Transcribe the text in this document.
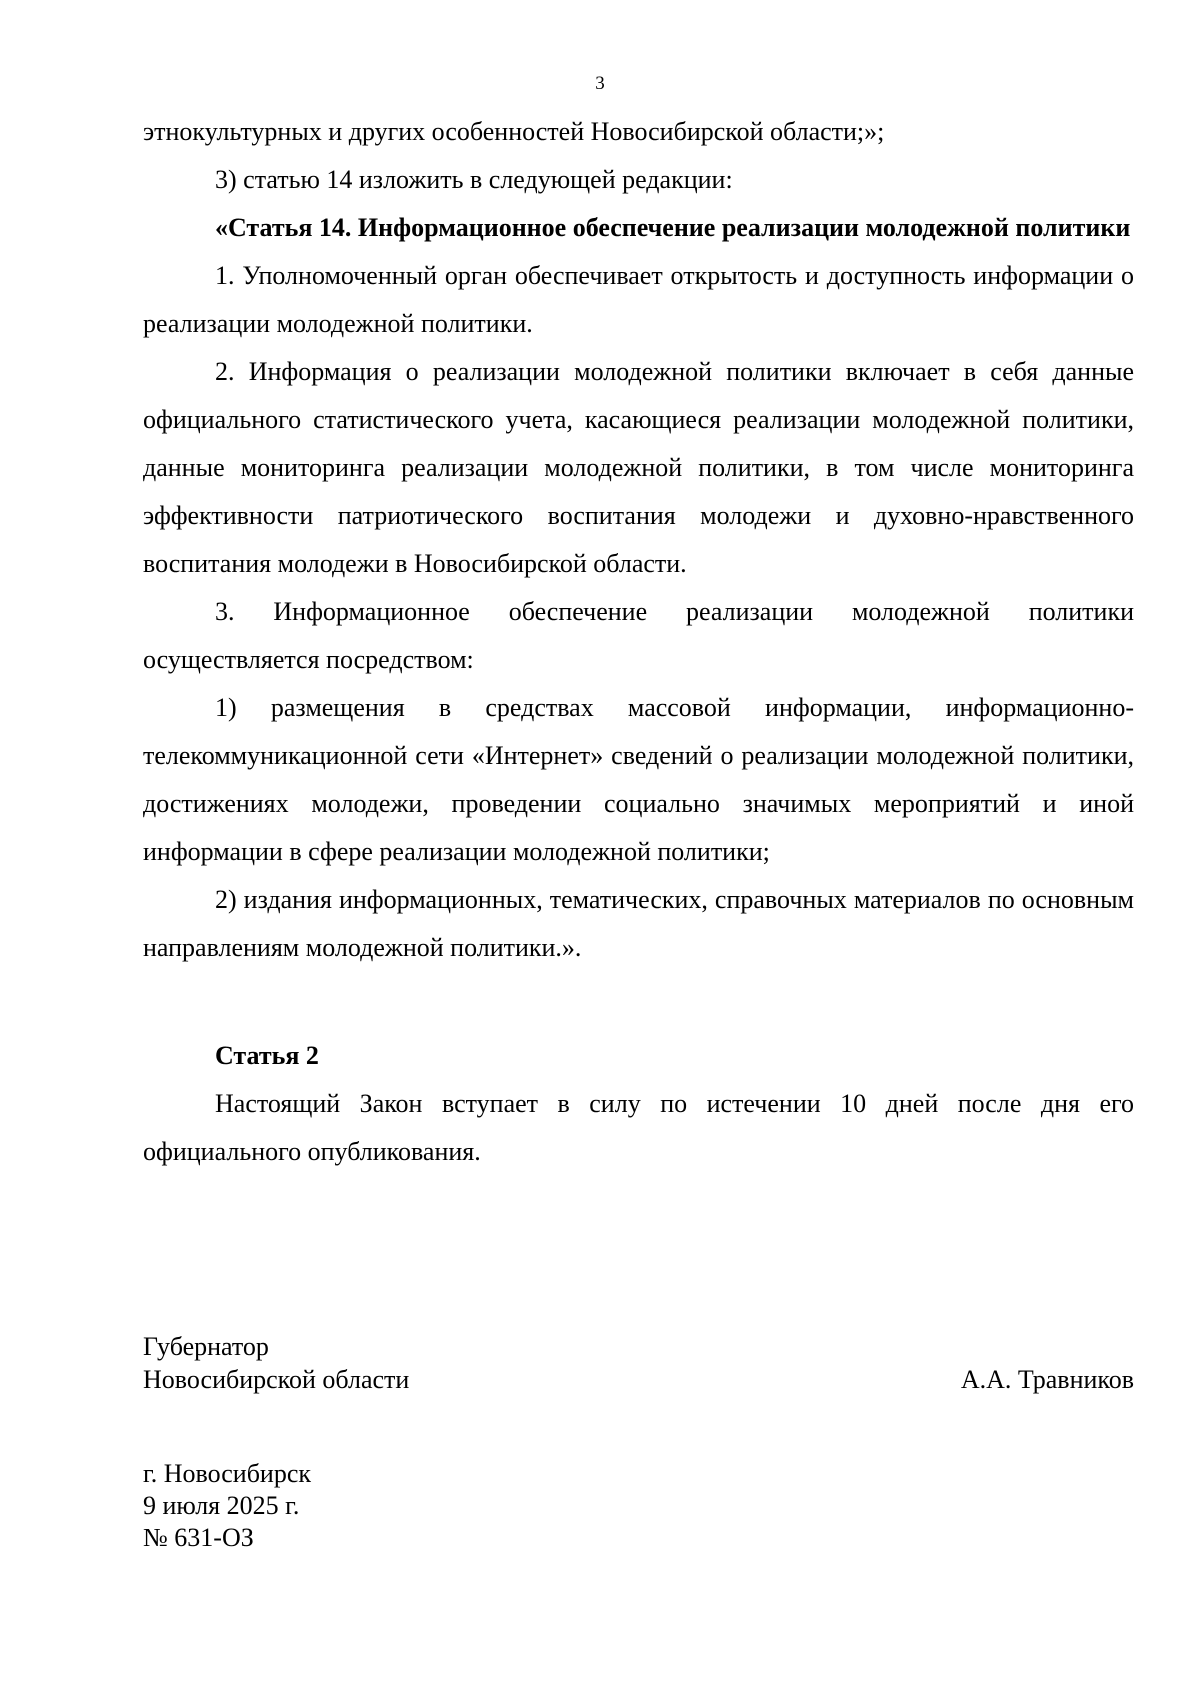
3

этнокультурных и других особенностей Новосибирской области;»;

3) статью 14 изложить в следующей редакции:

«Статья 14. Информационное обеспечение реализации молодежной политики

1. Уполномоченный орган обеспечивает открытость и доступность информации о реализации молодежной политики.

2. Информация о реализации молодежной политики включает в себя данные официального статистического учета, касающиеся реализации молодежной политики, данные мониторинга реализации молодежной политики, в том числе мониторинга эффективности патриотического воспитания молодежи и духовно-нравственного воспитания молодежи в Новосибирской области.

3. Информационное обеспечение реализации молодежной политики осуществляется посредством:

1) размещения в средствах массовой информации, информационно-телекоммуникационной сети «Интернет» сведений о реализации молодежной политики, достижениях молодежи, проведении социально значимых мероприятий и иной информации в сфере реализации молодежной политики;

2) издания информационных, тематических, справочных материалов по основным направлениям молодежной политики.».

Статья 2

Настоящий Закон вступает в силу по истечении 10 дней после дня его официального опубликования.

Губернатор
Новосибирской области	А.А. Травников
г. Новосибирск
9 июля 2025 г.
№ 631-ОЗ
